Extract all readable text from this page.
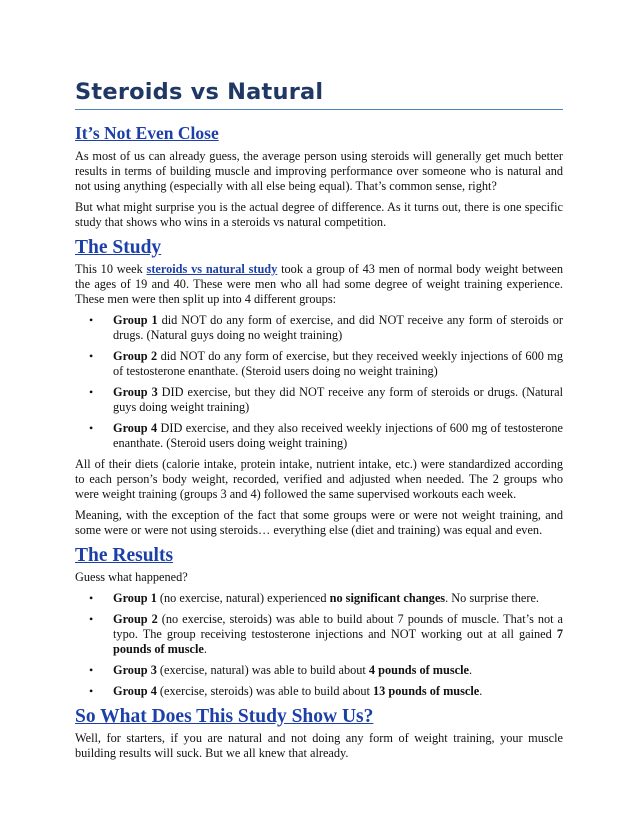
Steroids vs Natural
It’s Not Even Close

As most of us can already guess, the average person using steroids will generally get much better results in terms of building muscle and improving performance over someone who is natural and not using anything (especially with all else being equal). That’s common sense, right?

But what might surprise you is the actual degree of difference. As it turns out, there is one specific study that shows who wins in a steroids vs natural competition.

The Study

This 10 week steroids vs natural study took a group of 43 men of normal body weight between the ages of 19 and 40. These were men who all had some degree of weight training experience. These men were then split up into 4 different groups:

• Group 1 did NOT do any form of exercise, and did NOT receive any form of steroids or drugs. (Natural guys doing no weight training)
• Group 2 did NOT do any form of exercise, but they received weekly injections of 600 mg of testosterone enanthate. (Steroid users doing no weight training)
• Group 3 DID exercise, but they did NOT receive any form of steroids or drugs. (Natural guys doing weight training)
• Group 4 DID exercise, and they also received weekly injections of 600 mg of testosterone enanthate. (Steroid users doing weight training)

All of their diets (calorie intake, protein intake, nutrient intake, etc.) were standardized according to each person’s body weight, recorded, verified and adjusted when needed. The 2 groups who were weight training (groups 3 and 4) followed the same supervised workouts each week.

Meaning, with the exception of the fact that some groups were or were not weight training, and some were or were not using steroids… everything else (diet and training) was equal and even.

The Results

Guess what happened?

• Group 1 (no exercise, natural) experienced no significant changes. No surprise there.
• Group 2 (no exercise, steroids) was able to build about 7 pounds of muscle. That’s not a typo. The group receiving testosterone injections and NOT working out at all gained 7 pounds of muscle.
• Group 3 (exercise, natural) was able to build about 4 pounds of muscle.
• Group 4 (exercise, steroids) was able to build about 13 pounds of muscle.
So What Does This Study Show Us?

Well, for starters, if you are natural and not doing any form of weight training, your muscle building results will suck. But we all knew that already.
